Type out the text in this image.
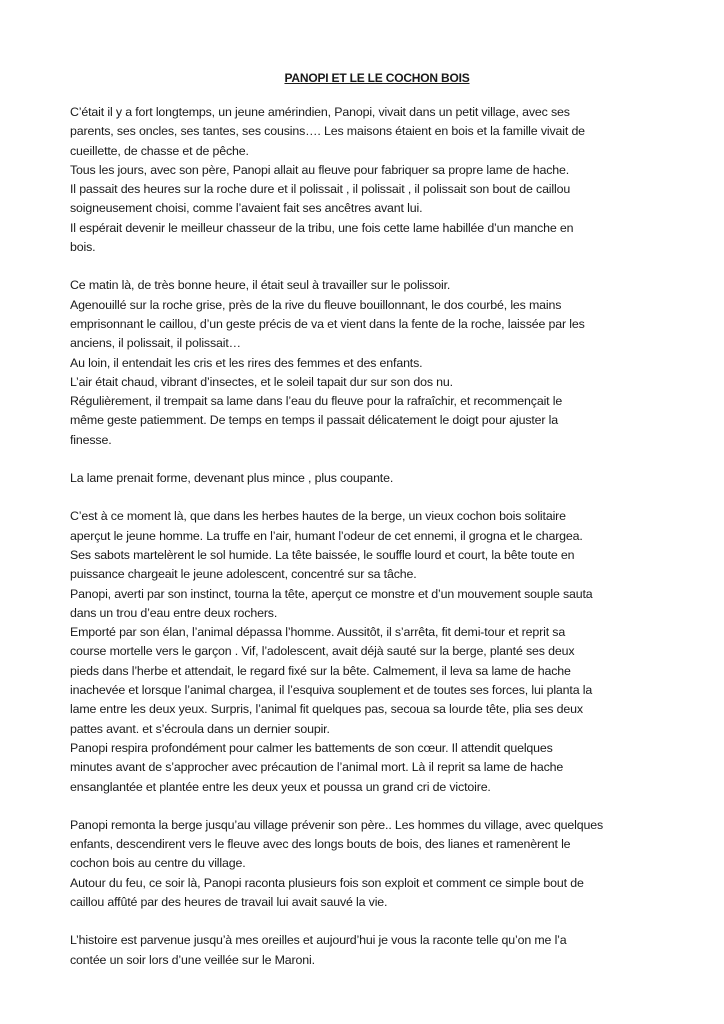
PANOPI ET LE LE COCHON BOIS
C’était il y a fort longtemps, un jeune amérindien, Panopi, vivait dans un petit village, avec ses
parents, ses oncles, ses tantes, ses cousins…. Les maisons étaient en bois et la famille vivait de
cueillette, de chasse et de pêche.
Tous les jours, avec son père, Panopi allait au fleuve pour fabriquer sa propre lame de hache.
Il passait des heures sur la roche dure et il polissait , il polissait , il polissait son bout de caillou
soigneusement choisi, comme l’avaient fait ses ancêtres avant lui.
Il espérait devenir le meilleur chasseur de la tribu, une fois cette lame habillée d’un manche en
bois.
Ce matin là, de très bonne heure, il était seul à travailler sur le polissoir.
Agenouillé sur la roche grise, près de la rive du fleuve bouillonnant, le dos courbé, les mains
emprisonnant le caillou, d’un geste précis de va et vient dans la fente de la roche, laissée par les
anciens, il polissait, il polissait…
Au loin, il entendait les cris et les rires des femmes et des enfants.
L’air était chaud, vibrant d’insectes, et le soleil tapait dur sur son dos nu.
Régulièrement, il trempait sa lame dans l’eau du fleuve pour la rafraîchir, et recommençait le
même geste patiemment. De temps en temps il passait délicatement le doigt pour ajuster la
finesse.
La lame prenait forme, devenant plus mince , plus coupante.
C’est à ce moment là, que dans les herbes hautes de la berge, un vieux cochon bois solitaire
aperçut le jeune homme. La truffe en l’air, humant l’odeur de cet ennemi, il grogna et le chargea.
Ses sabots martelèrent le sol humide. La tête baissée, le souffle lourd et court, la bête toute en
puissance chargeait le jeune adolescent, concentré sur sa tâche.
Panopi, averti par son instinct, tourna la tête, aperçut ce monstre et d’un mouvement souple sauta
dans un trou d’eau entre deux rochers.
Emporté par son élan, l’animal dépassa l’homme. Aussitôt, il s’arrêta, fit demi-tour et reprit sa
course mortelle vers le garçon . Vif, l’adolescent, avait déjà sauté sur la berge, planté ses deux
pieds dans l’herbe et attendait, le regard fixé sur la bête. Calmement, il leva sa lame de hache
inachevée et lorsque l’animal chargea, il l’esquiva souplement et de toutes ses forces, lui planta la
lame entre les deux yeux. Surpris, l’animal fit quelques pas, secoua sa lourde tête, plia ses deux
pattes avant. et s’écroula dans un dernier soupir.
Panopi respira profondément pour calmer les battements de son cœur. Il attendit quelques
minutes avant de s’approcher avec précaution de l’animal mort. Là il reprit sa lame de hache
ensanglantée et plantée entre les deux yeux et poussa un grand cri de victoire.
Panopi remonta la berge jusqu’au village prévenir son père.. Les hommes du village, avec quelques
enfants, descendirent vers le fleuve avec des longs bouts de bois, des lianes et ramenèrent le
cochon bois au centre du village.
Autour du feu, ce soir là, Panopi raconta plusieurs fois son exploit et comment ce simple bout de
caillou affûté par des heures de travail lui avait sauvé la vie.
L’histoire est parvenue jusqu’à mes oreilles et aujourd’hui je vous la raconte telle qu’on me l’a
contée un soir lors d’une veillée sur le Maroni.
